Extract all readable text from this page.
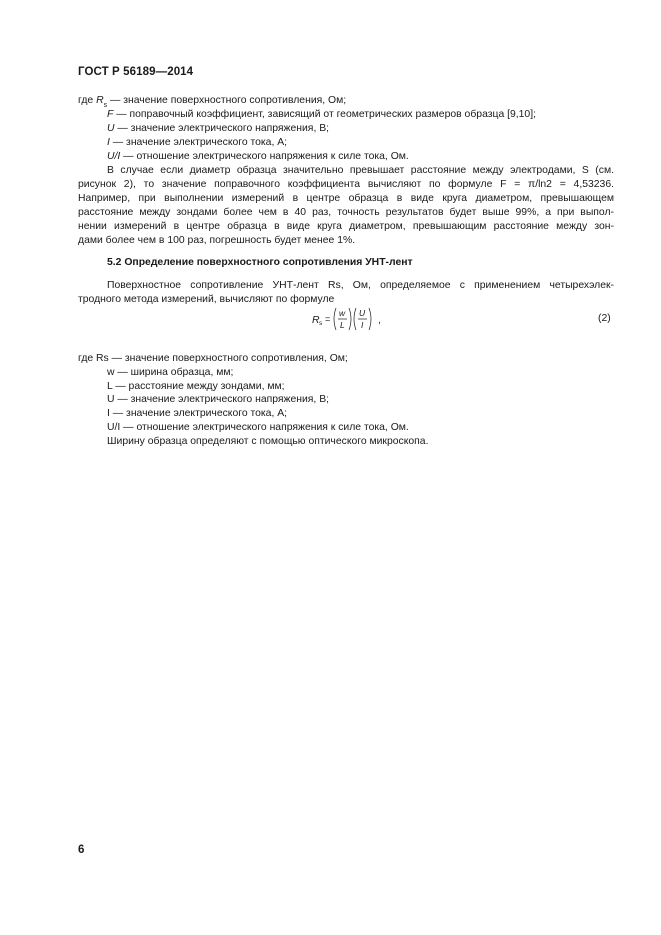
ГОСТ Р 56189—2014
где $R_s$ — значение поверхностного сопротивления, Ом;
F — поправочный коэффициент, зависящий от геометрических размеров образца [9,10];
U — значение электрического напряжения, В;
I — значение электрического тока, А;
U/I — отношение электрического напряжения к силе тока, Ом.
В случае если диаметр образца значительно превышает расстояние между электродами, S (см.
рисунок 2), то значение поправочного коэффициента вычисляют по формуле F = π/ln2 = 4,53236.
Например, при выполнении измерений в центре образца в виде круга диаметром, превышающем
расстояние между зондами более чем в 40 раз, точность результатов будет выше 99%, а при выпол-
нении измерений в центре образца в виде круга диаметром, превышающим расстояние между зон-
дами более чем в 100 раз, погрешность будет менее 1%.
5.2 Определение поверхностного сопротивления УНТ-лент
Поверхностное сопротивление УНТ-лент Rs, Ом, определяемое с применением четырехэлек-
тродного метода измерений, вычисляют по формуле
R s =
w
L
U
I ,	(2)
где Rs — значение поверхностного сопротивления, Ом;
w — ширина образца, мм;
L — расстояние между зондами, мм;
U — значение электрического напряжения, В;
I — значение электрического тока, А;
U/I — отношение электрического напряжения к силе тока, Ом.
Ширину образца определяют с помощью оптического микроскопа.
6
